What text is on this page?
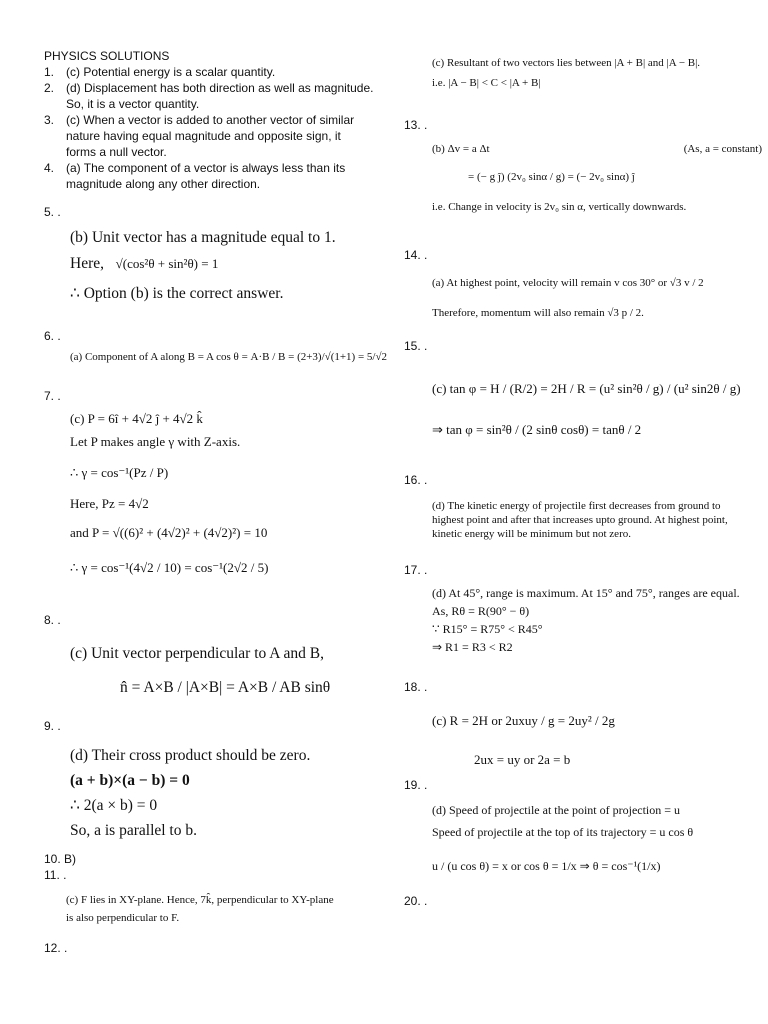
PHYSICS SOLUTIONS
1. (c) Potential energy is a scalar quantity.
2. (d) Displacement has both direction as well as magnitude. So, it is a vector quantity.
3. (c) When a vector is added to another vector of similar nature having equal magnitude and opposite sign, it forms a null vector.
4. (a) The component of a vector is always less than its magnitude along any other direction.
5. .
(b) Unit vector has a magnitude equal to 1.
Here, √(cos²θ + sin²θ) = 1
∴ Option (b) is the correct answer.
6. .
(a) Component of A along B = A cos θ = A·B / B = (2+3)/√(1+1) = 5/√2
7. .
(c) P = 6î + 4√2 ĵ + 4√2 k̂
Let P makes angle γ with Z-axis.
∴ γ = cos⁻¹(Pz / P)
Here, Pz = 4√2
and P = √((6)² + (4√2)² + (4√2)²) = 10
∴ γ = cos⁻¹(4√2 / 10) = cos⁻¹(2√2 / 5)
8. .
(c) Unit vector perpendicular to A and B,
n̂ = A×B / |A×B| = A×B / AB sinθ
9. .
(d) Their cross product should be zero.
(a + b)×(a − b) = 0
∴ 2(a × b) = 0
So, a is parallel to b.
10. B)
11. .
(c) F lies in XY-plane. Hence, 7k̂, perpendicular to XY-plane
is also perpendicular to F.
12. .
(c) Resultant of two vectors lies between |A + B| and |A − B|.
i.e. |A − B| < C < |A + B|
13. .
(b) Δv = a Δt	(As, a = constant)
= (− g ĵ) (2v₀ sinα / g) = (− 2v₀ sinα) ĵ
i.e. Change in velocity is 2v₀ sin α, vertically downwards.
14. .
(a) At highest point, velocity will remain v cos 30° or √3 v / 2
Therefore, momentum will also remain √3 p / 2.
15. .
(c) tan φ = H / (R/2) = 2H / R = (u² sin²θ / g) / (u² sin2θ / g)
⇒ tan φ = sin²θ / (2 sinθ cosθ) = tanθ / 2
16. .
(d) The kinetic energy of projectile first decreases from ground to highest point and after that increases upto ground. At highest point, kinetic energy will be minimum but not zero.
17. .
(d) At 45°, range is maximum. At 15° and 75°, ranges are equal.
As, Rθ = R(90° − θ)
∵ R15° = R75° < R45°
⇒ R1 = R3 < R2
18. .
(c) R = 2H or 2uxuy / g = 2uy² / 2g
2ux = uy or 2a = b
19. .
(d) Speed of projectile at the point of projection = u
Speed of projectile at the top of its trajectory = u cos θ
u / (u cos θ) = x or cos θ = 1/x ⇒ θ = cos⁻¹(1/x)
20. .
